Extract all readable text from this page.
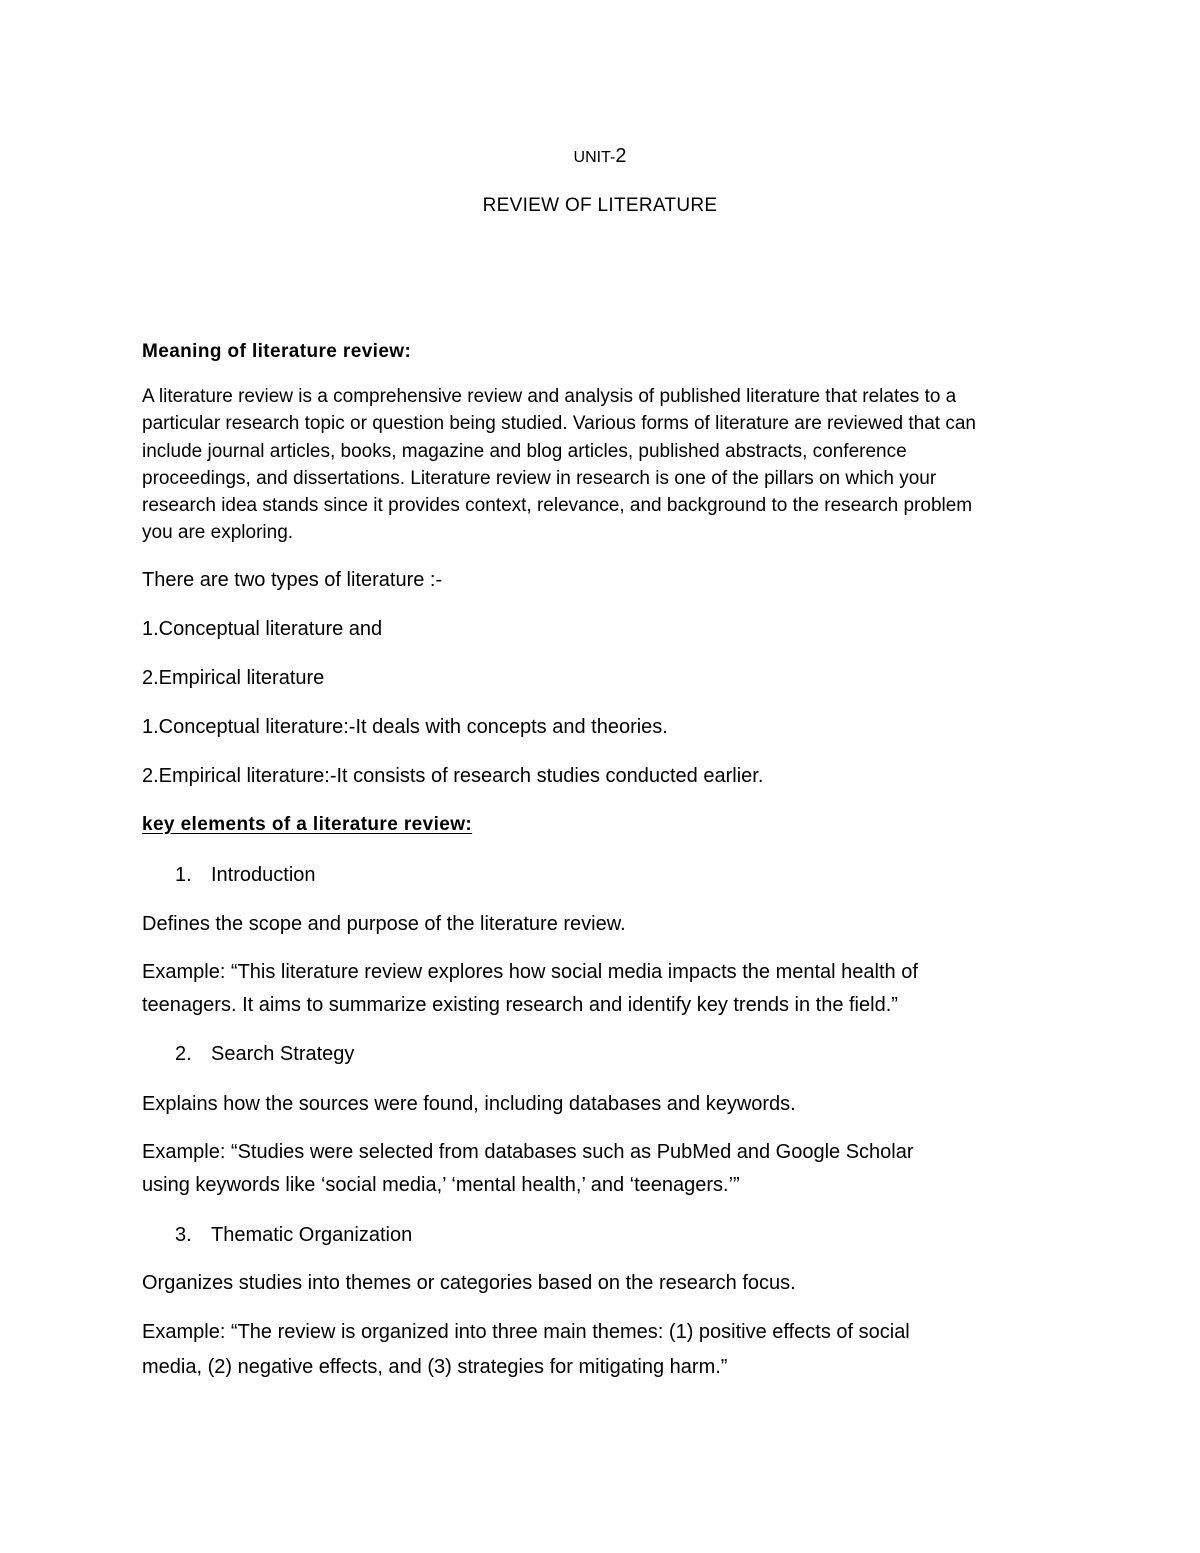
UNIT-2
REVIEW OF LITERATURE
Meaning of literature review:
A literature review is a comprehensive review and analysis of published literature that relates to a
particular research topic or question being studied. Various forms of literature are reviewed that can
include journal articles, books, magazine and blog articles, published abstracts, conference
proceedings, and dissertations. Literature review in research is one of the pillars on which your
research idea stands since it provides context, relevance, and background to the research problem
you are exploring.
There are two types of literature :-
1.Conceptual literature and
2.Empirical literature
1.Conceptual literature:-It deals with concepts and theories.
2.Empirical literature:-It consists of research studies conducted earlier.
key elements of a literature review:
1. Introduction
Defines the scope and purpose of the literature review.
Example: “This literature review explores how social media impacts the mental health of
teenagers. It aims to summarize existing research and identify key trends in the field.”
2. Search Strategy
Explains how the sources were found, including databases and keywords.
Example: “Studies were selected from databases such as PubMed and Google Scholar
using keywords like ‘social media,’ ‘mental health,’ and ‘teenagers.’”
3. Thematic Organization
Organizes studies into themes or categories based on the research focus.
Example: “The review is organized into three main themes: (1) positive effects of social
media, (2) negative effects, and (3) strategies for mitigating harm.”
